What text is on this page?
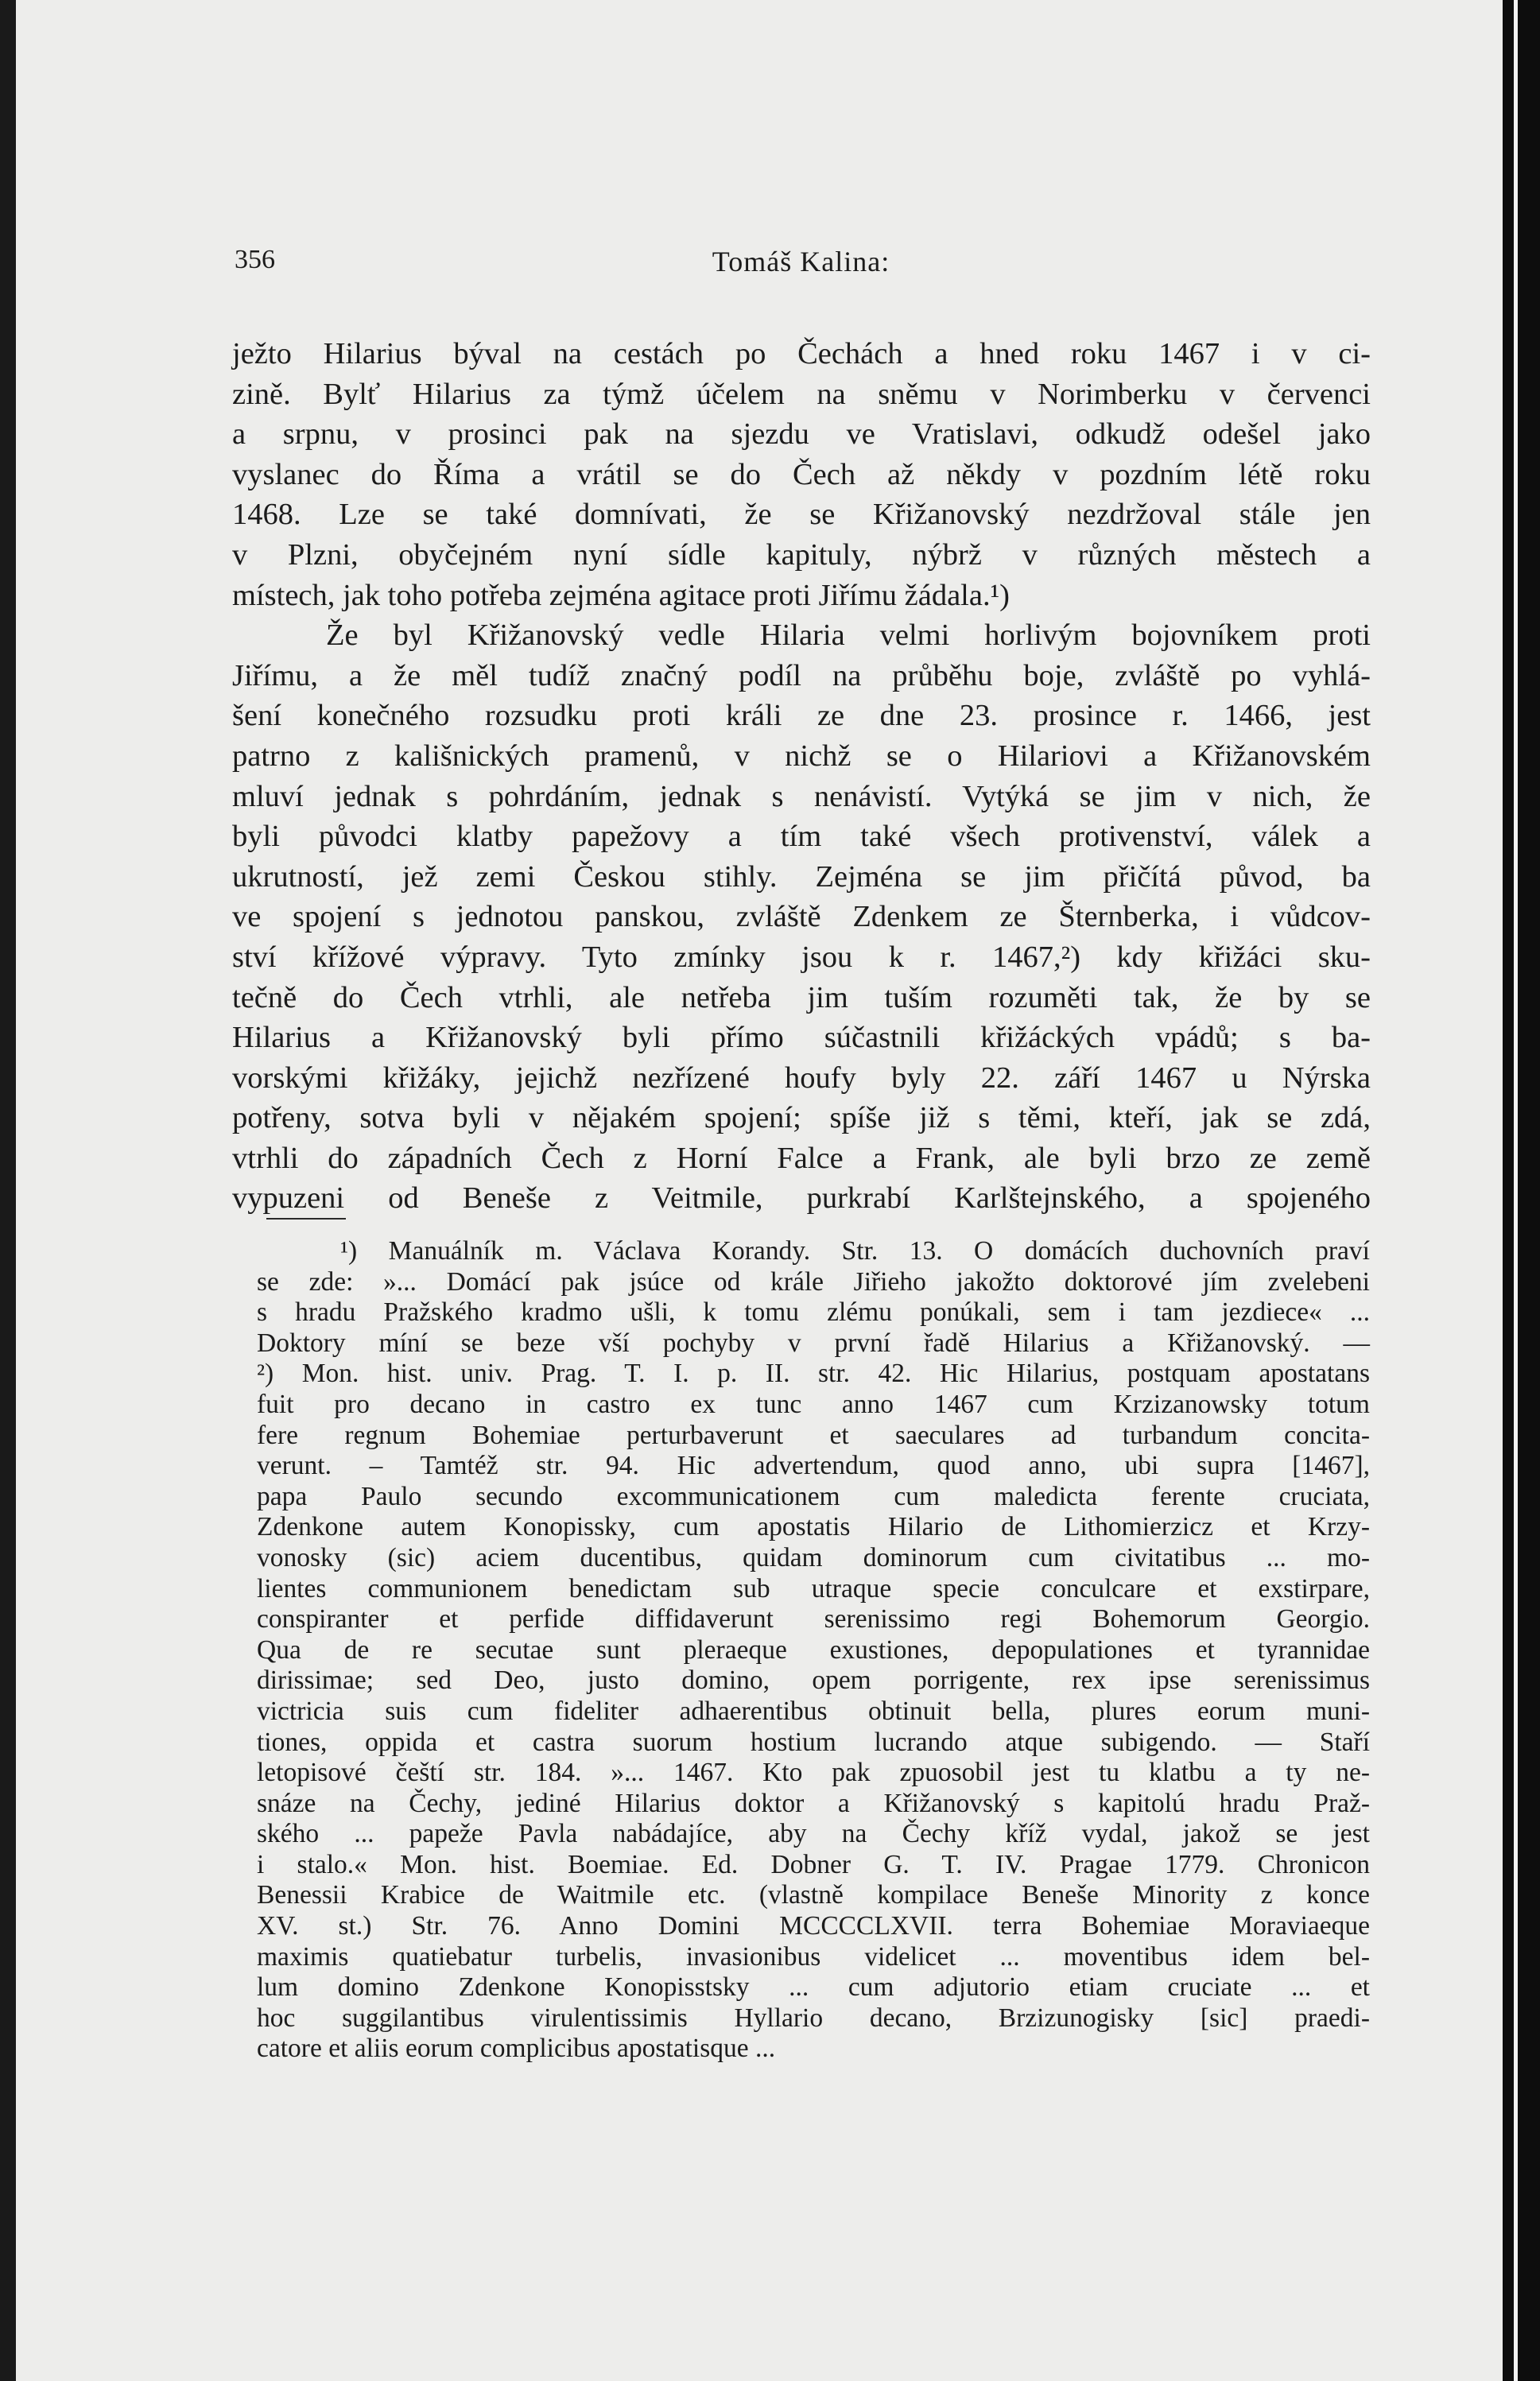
356	Tomáš Kalina:
ježto Hilarius býval na cestách po Čechách a hned roku 1467 i v ci-
zině. Bylť Hilarius za týmž účelem na sněmu v Norimberku v červenci
a srpnu, v prosinci pak na sjezdu ve Vratislavi, odkudž odešel jako
vyslanec do Říma a vrátil se do Čech až někdy v pozdním létě roku
1468. Lze se také domnívati, že se Křižanovský nezdržoval stále jen
v Plzni, obyčejném nyní sídle kapituly, nýbrž v různých městech a
místech, jak toho potřeba zejména agitace proti Jiřímu žádala.¹)
Že byl Křižanovský vedle Hilaria velmi horlivým bojovníkem proti
Jiřímu, a že měl tudíž značný podíl na průběhu boje, zvláště po vyhlá-
šení konečného rozsudku proti králi ze dne 23. prosince r. 1466, jest
patrno z kališnických pramenů, v nichž se o Hilariovi a Křižanovském
mluví jednak s pohrdáním, jednak s nenávistí. Vytýká se jim v nich, že
byli původci klatby papežovy a tím také všech protivenství, válek a
ukrutností, jež zemi Českou stihly. Zejména se jim přičítá původ, ba
ve spojení s jednotou panskou, zvláště Zdenkem ze Šternberka, i vůdcov-
ství křížové výpravy. Tyto zmínky jsou k r. 1467,²) kdy křižáci sku-
tečně do Čech vtrhli, ale netřeba jim tuším rozuměti tak, že by se
Hilarius a Křižanovský byli přímo súčastnili křižáckých vpádů; s ba-
vorskými křižáky, jejichž nezřízené houfy byly 22. září 1467 u Nýrska
potřeny, sotva byli v nějakém spojení; spíše již s těmi, kteří, jak se zdá,
vtrhli do západních Čech z Horní Falce a Frank, ale byli brzo ze země
vypuzeni od Beneše z Veitmile, purkrabí Karlštejnského, a spojeného
¹) Manuálník m. Václava Korandy. Str. 13. O domácích duchovních praví
se zde: »... Domácí pak jsúce od krále Jiřieho jakožto doktorové jím zvelebeni
s hradu Pražského kradmo ušli, k tomu zlému ponúkali, sem i tam jezdiece« ...
Doktory míní se beze vší pochyby v první řadě Hilarius a Křižanovský. —
²) Mon. hist. univ. Prag. T. I. p. II. str. 42. Hic Hilarius, postquam apostatans
fuit pro decano in castro ex tunc anno 1467 cum Krzizanowsky totum
fere regnum Bohemiae perturbaverunt et saeculares ad turbandum concita-
verunt. – Tamtéž str. 94. Hic advertendum, quod anno, ubi supra [1467],
papa Paulo secundo excommunicationem cum maledicta ferente cruciata,
Zdenkone autem Konopissky, cum apostatis Hilario de Lithomierzicz et Krzy-
vonosky (sic) aciem ducentibus, quidam dominorum cum civitatibus ... mo-
lientes communionem benedictam sub utraque specie conculcare et exstirpare,
conspiranter et perfide diffidaverunt serenissimo regi Bohemorum Georgio.
Qua de re secutae sunt pleraeque exustiones, depopulationes et tyrannidae
dirissimae; sed Deo, justo domino, opem porrigente, rex ipse serenissimus
victricia suis cum fideliter adhaerentibus obtinuit bella, plures eorum muni-
tiones, oppida et castra suorum hostium lucrando atque subigendo. — Staří
letopisové čeští str. 184. »... 1467. Kto pak zpuosobil jest tu klatbu a ty ne-
snáze na Čechy, jediné Hilarius doktor a Křižanovský s kapitolú hradu Praž-
ského ... papeže Pavla nabádajíce, aby na Čechy kříž vydal, jakož se jest
i stalo.« Mon. hist. Boemiae. Ed. Dobner G. T. IV. Pragae 1779. Chronicon
Benessii Krabice de Waitmile etc. (vlastně kompilace Beneše Minority z konce
XV. st.) Str. 76. Anno Domini MCCCCLXVII. terra Bohemiae Moraviaeque
maximis quatiebatur turbelis, invasionibus videlicet ... moventibus idem bel-
lum domino Zdenkone Konopisstsky ... cum adjutorio etiam cruciate ... et
hoc suggilantibus virulentissimis Hyllario decano, Brzizunogisky [sic] praedi-
catore et aliis eorum complicibus apostatisque ...
